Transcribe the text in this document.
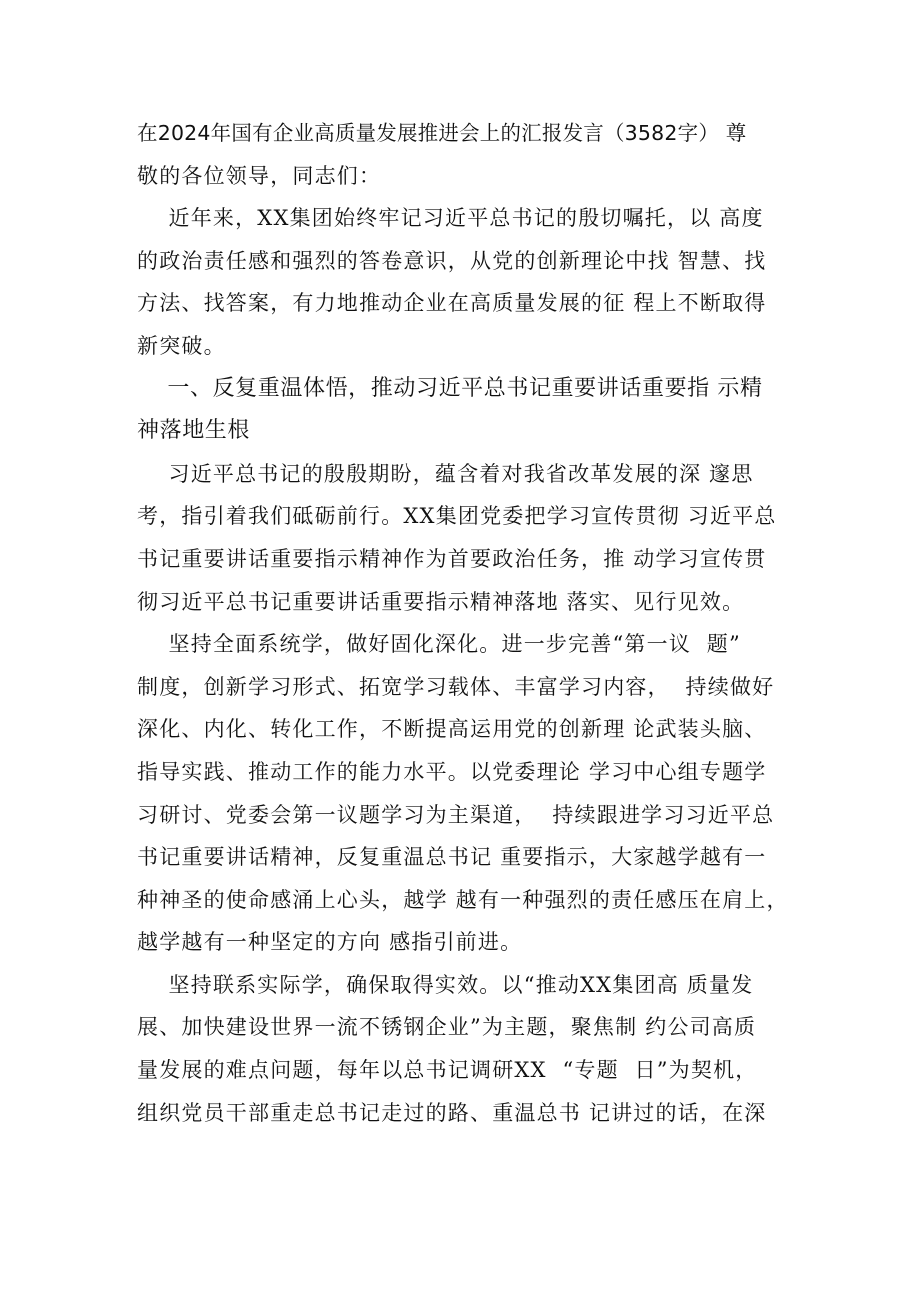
在2024年国有企业高质量发展推进会上的汇报发言（3582字） 尊
敬的各位领导，同志们：
近年来，XX集团始终牢记习近平总书记的殷切嘱托，以 高度
的政治责任感和强烈的答卷意识，从党的创新理论中找 智慧、找
方法、找答案，有力地推动企业在高质量发展的征 程上不断取得
新突破。
一、反复重温体悟，推动习近平总书记重要讲话重要指 示精
神落地生根
习近平总书记的殷殷期盼，蕴含着对我省改革发展的深 邃思
考，指引着我们砥砺前行。XX集团党委把学习宣传贯彻 习近平总
书记重要讲话重要指示精神作为首要政治任务，推 动学习宣传贯
彻习近平总书记重要讲话重要指示精神落地 落实、见行见效。
坚持全面系统学，做好固化深化。进一步完善“第一议  题”
制度，创新学习形式、拓宽学习载体、丰富学习内容，  持续做好
深化、内化、转化工作，不断提高运用党的创新理 论武装头脑、
指导实践、推动工作的能力水平。以党委理论 学习中心组专题学
习研讨、党委会第一议题学习为主渠道，  持续跟进学习习近平总
书记重要讲话精神，反复重温总书记 重要指示，大家越学越有一
种神圣的使命感涌上心头，越学 越有一种强烈的责任感压在肩上，
越学越有一种坚定的方向 感指引前进。
坚持联系实际学，确保取得实效。以“推动XX集团高 质量发
展、加快建设世界一流不锈钢企业”为主题，聚焦制 约公司高质
量发展的难点问题，每年以总书记调研XX  “专题  日”为契机，
组织党员干部重走总书记走过的路、重温总书 记讲过的话，在深
